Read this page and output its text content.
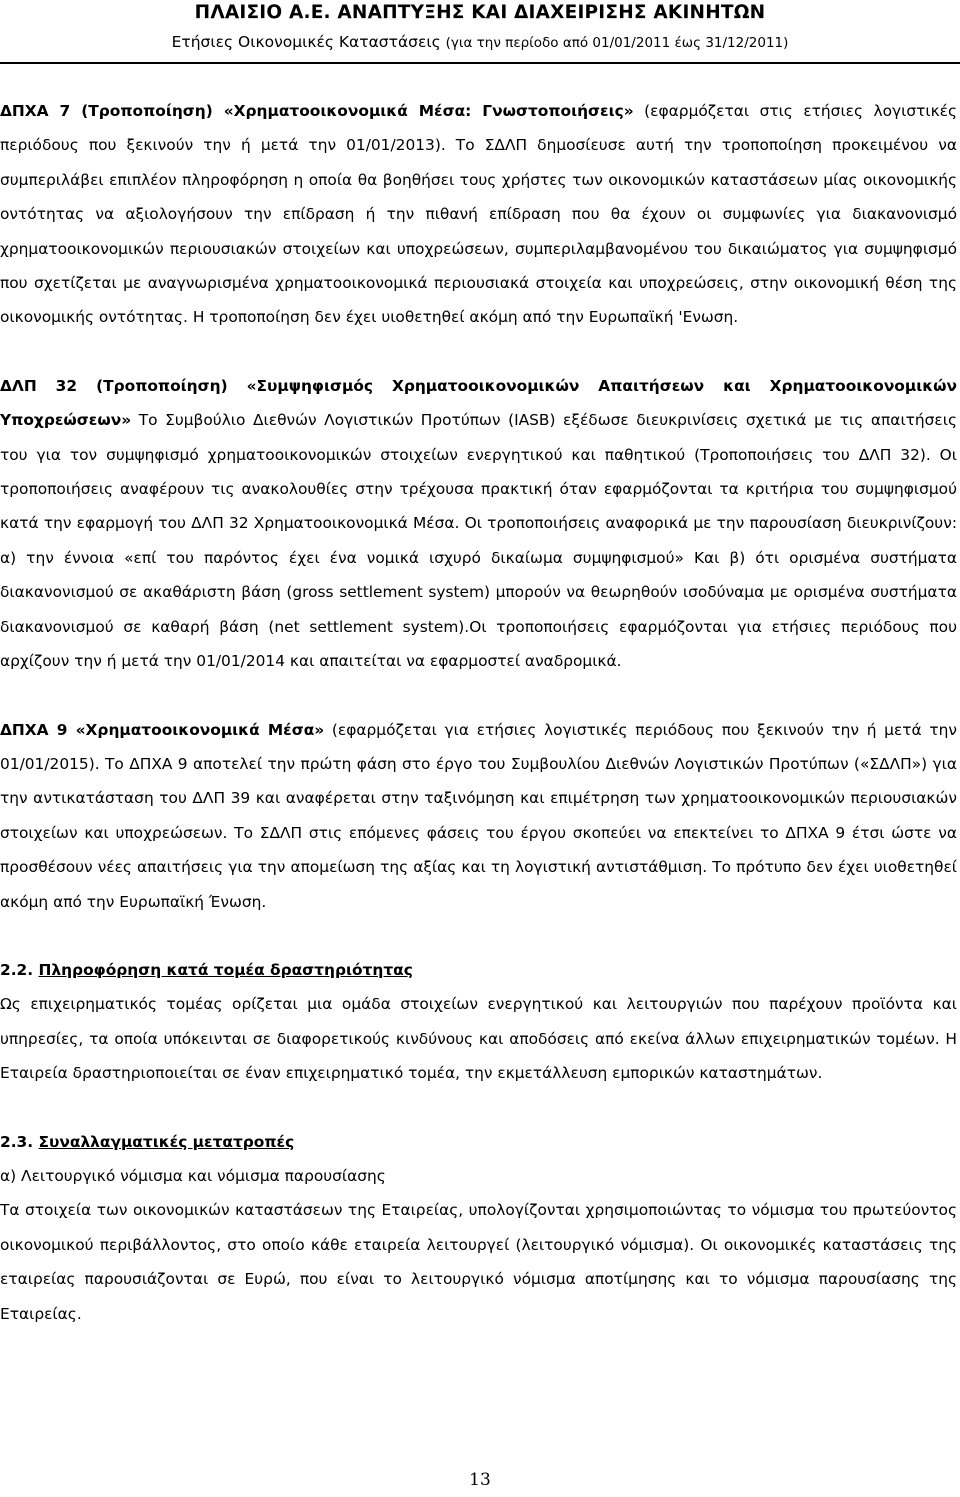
ΠΛΑΙΣΙΟ Α.Ε. ΑΝΑΠΤΥΞΗΣ ΚΑΙ ΔΙΑΧΕΙΡΙΣΗΣ ΑΚΙΝΗΤΩΝ
Ετήσιες Οικονομικές Καταστάσεις (για την περίοδο από 01/01/2011 έως 31/12/2011)

ΔΠΧΑ 7 (Τροποποίηση) «Χρηματοοικονομικά Μέσα: Γνωστοποιήσεις» (εφαρμόζεται στις ετήσιες λογιστικές περιόδους που ξεκινούν την ή μετά την 01/01/2013). Το ΣΔΛΠ δημοσίευσε αυτή την τροποποίηση προκειμένου να συμπεριλάβει επιπλέον πληροφόρηση η οποία θα βοηθήσει τους χρήστες των οικονομικών καταστάσεων μίας οικονομικής οντότητας να αξιολογήσουν την επίδραση ή την πιθανή επίδραση που θα έχουν οι συμφωνίες για διακανονισμό χρηματοοικονομικών περιουσιακών στοιχείων και υποχρεώσεων, συμπεριλαμβανομένου του δικαιώματος για συμψηφισμό που σχετίζεται με αναγνωρισμένα χρηματοοικονομικά περιουσιακά στοιχεία και υποχρεώσεις, στην οικονομική θέση της οικονομικής οντότητας. Η τροποποίηση δεν έχει υιοθετηθεί ακόμη από την Ευρωπαϊκή 'Ενωση.

ΔΛΠ 32 (Τροποποίηση) «Συμψηφισμός Χρηματοοικονομικών Απαιτήσεων και Χρηματοοικονομικών Υποχρεώσεων» Το Συμβούλιο Διεθνών Λογιστικών Προτύπων (IASB) εξέδωσε διευκρινίσεις σχετικά με τις απαιτήσεις του για τον συμψηφισμό χρηματοοικονομικών στοιχείων ενεργητικού και παθητικού (Τροποποιήσεις του ΔΛΠ 32). Οι τροποποιήσεις αναφέρουν τις ανακολουθίες στην τρέχουσα πρακτική όταν εφαρμόζονται τα κριτήρια του συμψηφισμού κατά την εφαρμογή του ΔΛΠ 32 Χρηματοοικονομικά Μέσα. Οι τροποποιήσεις αναφορικά με την παρουσίαση διευκρινίζουν: α) την έννοια «επί του παρόντος έχει ένα νομικά ισχυρό δικαίωμα συμψηφισμού» Και β) ότι ορισμένα συστήματα διακανονισμού σε ακαθάριστη βάση (gross settlement system) μπορούν να θεωρηθούν ισοδύναμα με ορισμένα συστήματα διακανονισμού σε καθαρή βάση (net settlement system).Οι τροποποιήσεις εφαρμόζονται για ετήσιες περιόδους που αρχίζουν την ή μετά την 01/01/2014 και απαιτείται να εφαρμοστεί αναδρομικά.

ΔΠΧΑ 9 «Χρηματοοικονομικά Μέσα» (εφαρμόζεται για ετήσιες λογιστικές περιόδους που ξεκινούν την ή μετά την 01/01/2015). Το ΔΠΧΑ 9 αποτελεί την πρώτη φάση στο έργο του Συμβουλίου Διεθνών Λογιστικών Προτύπων («ΣΔΛΠ») για την αντικατάσταση του ΔΛΠ 39 και αναφέρεται στην ταξινόμηση και επιμέτρηση των χρηματοοικονομικών περιουσιακών στοιχείων και υποχρεώσεων. Το ΣΔΛΠ στις επόμενες φάσεις του έργου σκοπεύει να επεκτείνει το ΔΠΧΑ 9 έτσι ώστε να προσθέσουν νέες απαιτήσεις για την απομείωση της αξίας και τη λογιστική αντιστάθμιση. Το πρότυπο δεν έχει υιοθετηθεί ακόμη από την Ευρωπαϊκή Ένωση.

2.2. Πληροφόρηση κατά τομέα δραστηριότητας

Ως επιχειρηματικός τομέας ορίζεται μια ομάδα στοιχείων ενεργητικού και λειτουργιών που παρέχουν προϊόντα και υπηρεσίες, τα οποία υπόκεινται σε διαφορετικούς κινδύνους και αποδόσεις από εκείνα άλλων επιχειρηματικών τομέων. Η Εταιρεία δραστηριοποιείται σε έναν επιχειρηματικό τομέα, την εκμετάλλευση εμπορικών καταστημάτων.

2.3. Συναλλαγματικές μετατροπές

α) Λειτουργικό νόμισμα και νόμισμα παρουσίασης

Τα στοιχεία των οικονομικών καταστάσεων της Εταιρείας, υπολογίζονται χρησιμοποιώντας το νόμισμα του πρωτεύοντος οικονομικού περιβάλλοντος, στο οποίο κάθε εταιρεία λειτουργεί (λειτουργικό νόμισμα). Οι οικονομικές καταστάσεις της εταιρείας παρουσιάζονται σε Ευρώ, που είναι το λειτουργικό νόμισμα αποτίμησης και το νόμισμα παρουσίασης της Εταιρείας.

13
